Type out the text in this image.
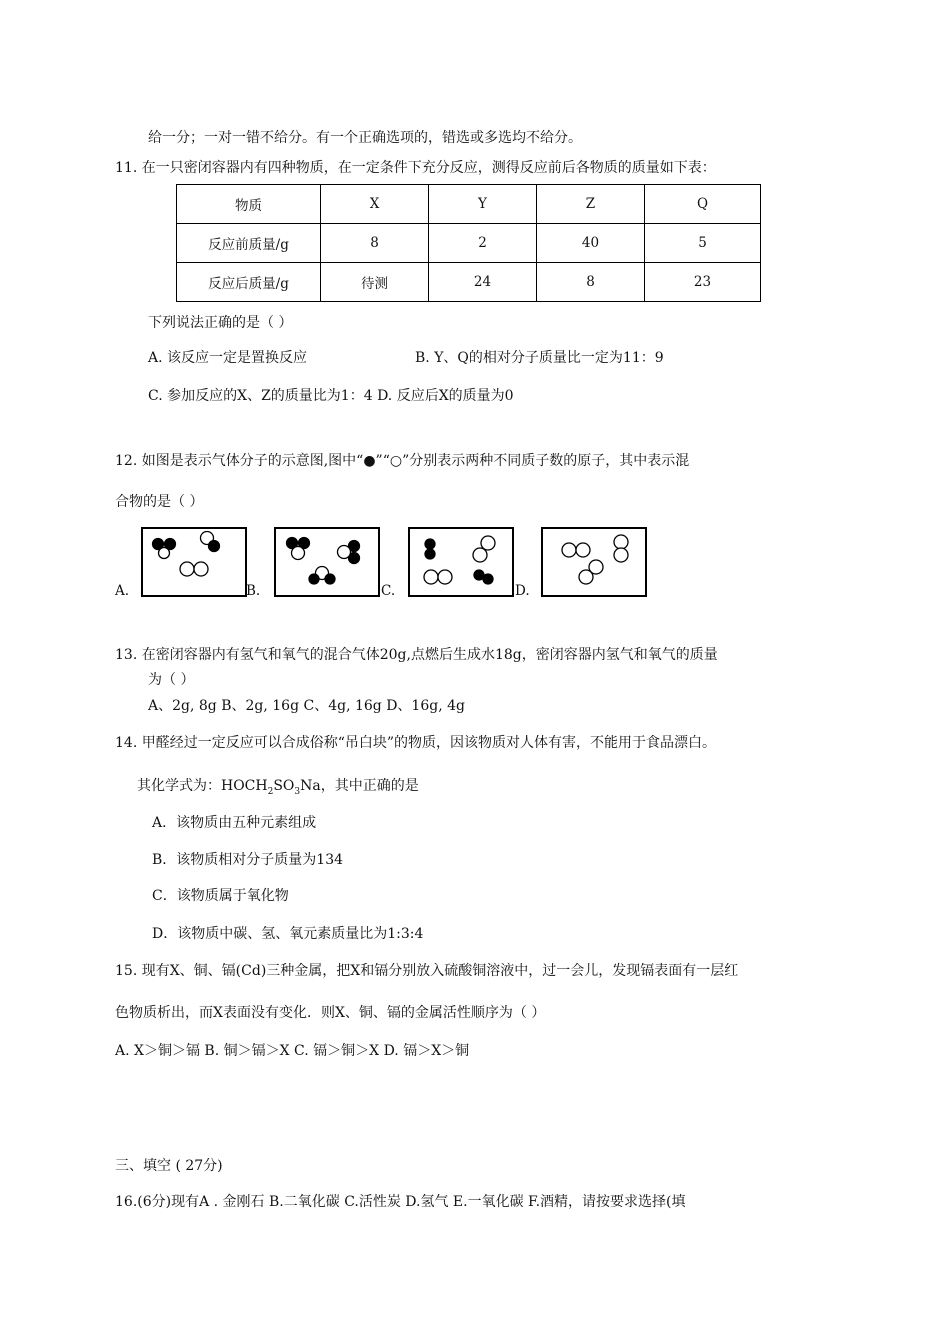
给一分；一对一错不给分。有一个正确选项的，错选或多选均不给分。
11. 在一只密闭容器内有四种物质，在一定条件下充分反应，测得反应前后各物质的质量如下表：
物质	X	Y	Z	Q
反应前质量/g	8	2	40	5
反应后质量/g	待测	24	8	23
下列说法正确的是（ ）
A. 该反应一定是置换反应	B. Y、Q的相对分子质量比一定为11：9
C. 参加反应的X、Z的质量比为1：4 D. 反应后X的质量为0
12. 如图是表示气体分子的示意图,图中“●”“○”分别表示两种不同质子数的原子，其中表示混
合物的是（ ）
A.	B.	C.	D.
13. 在密闭容器内有氢气和氧气的混合气体20g,点燃后生成水18g，密闭容器内氢气和氧气的质量
为（ ）
A、2g, 8g B、2g, 16g C、4g, 16g D、16g, 4g
14. 甲醛经过一定反应可以合成俗称“吊白块”的物质，因该物质对人体有害，不能用于食品漂白。
其化学式为：$HOCH_2SO_3Na$，其中正确的是
A．该物质由五种元素组成
B．该物质相对分子质量为134
C．该物质属于氧化物
D．该物质中碳、氢、氧元素质量比为1:3:4
15. 现有X、铜、镉(Cd)三种金属，把X和镉分别放入硫酸铜溶液中，过一会儿，发现镉表面有一层红
色物质析出，而X表面没有变化．则X、铜、镉的金属活性顺序为（ ）
A. X＞铜＞镉 B. 铜＞镉＞X C. 镉＞铜＞X D. 镉＞X＞铜
三、填空 ( 27分)
16.(6分)现有A . 金刚石 B.二氧化碳 C.活性炭 D.氢气 E.一氧化碳 F.酒精，请按要求选择(填
